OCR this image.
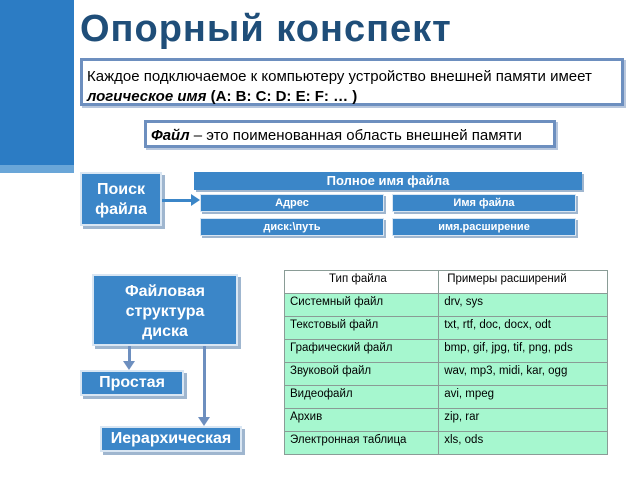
Опорный конспект
Каждое подключаемое к компьютеру устройство внешней памяти имеет логическое имя (А: В: С: D: Е: F: … )
Файл – это поименованная область внешней памяти
Поиск
файла
Полное имя файла
Адрес	Имя файла
диск:\путь	имя.расширение
Файловая
структура
диска
Простая
Иерархическая
Тип файла	Примеры расширений
Системный файл	drv, sys
Текстовый файл	txt, rtf, doc, docx, odt
Графический файл	bmp, gif, jpg, tif, png, pds
Звуковой файл	wav, mp3, midi, kar, ogg
Видеофайл	avi, mpeg
Архив	zip, rar
Электронная таблица	xls, ods
